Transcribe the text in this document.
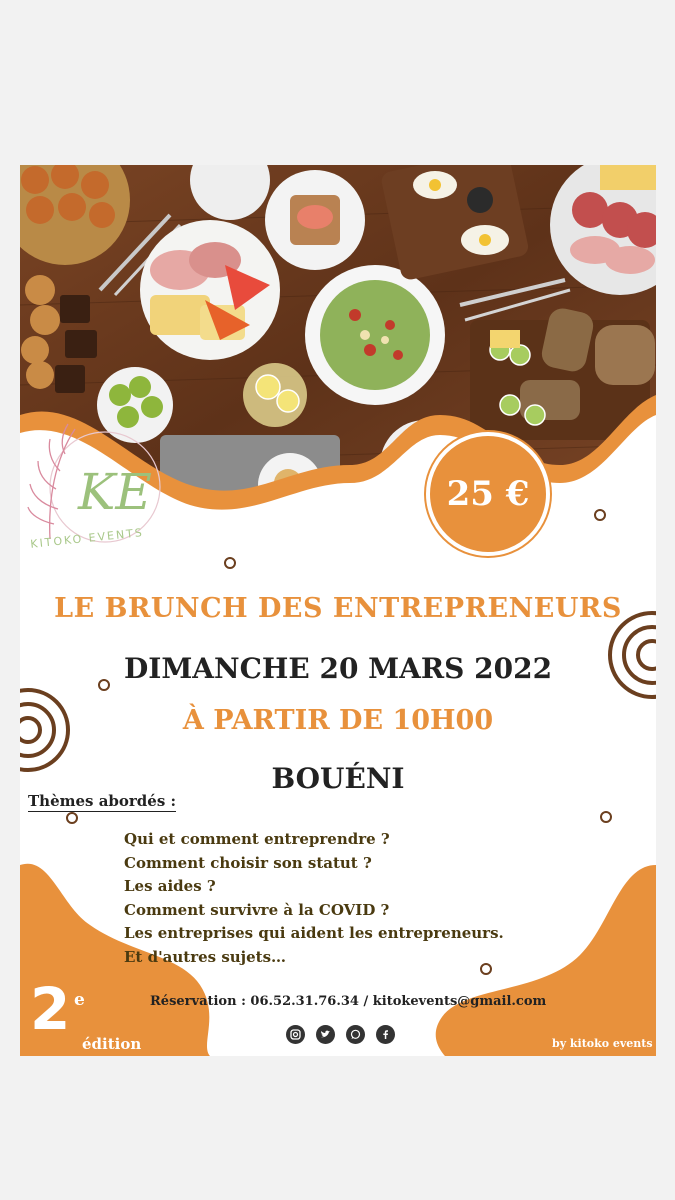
KE
KITOKO EVENTS
25 €
LE BRUNCH DES ENTREPRENEURS
DIMANCHE 20 MARS 2022
À PARTIR DE 10H00
BOUÉNI
Thèmes abordés :
Qui et comment entreprendre ?
Comment choisir son statut ?
Les aides ?
Comment survivre à la COVID ?
Les entreprises qui aident les entrepreneurs.
Et d'autres sujets…
Réservation : 06.52.31.76.34 / kitokevents@gmail.com
2 e
édition	by kitoko events
